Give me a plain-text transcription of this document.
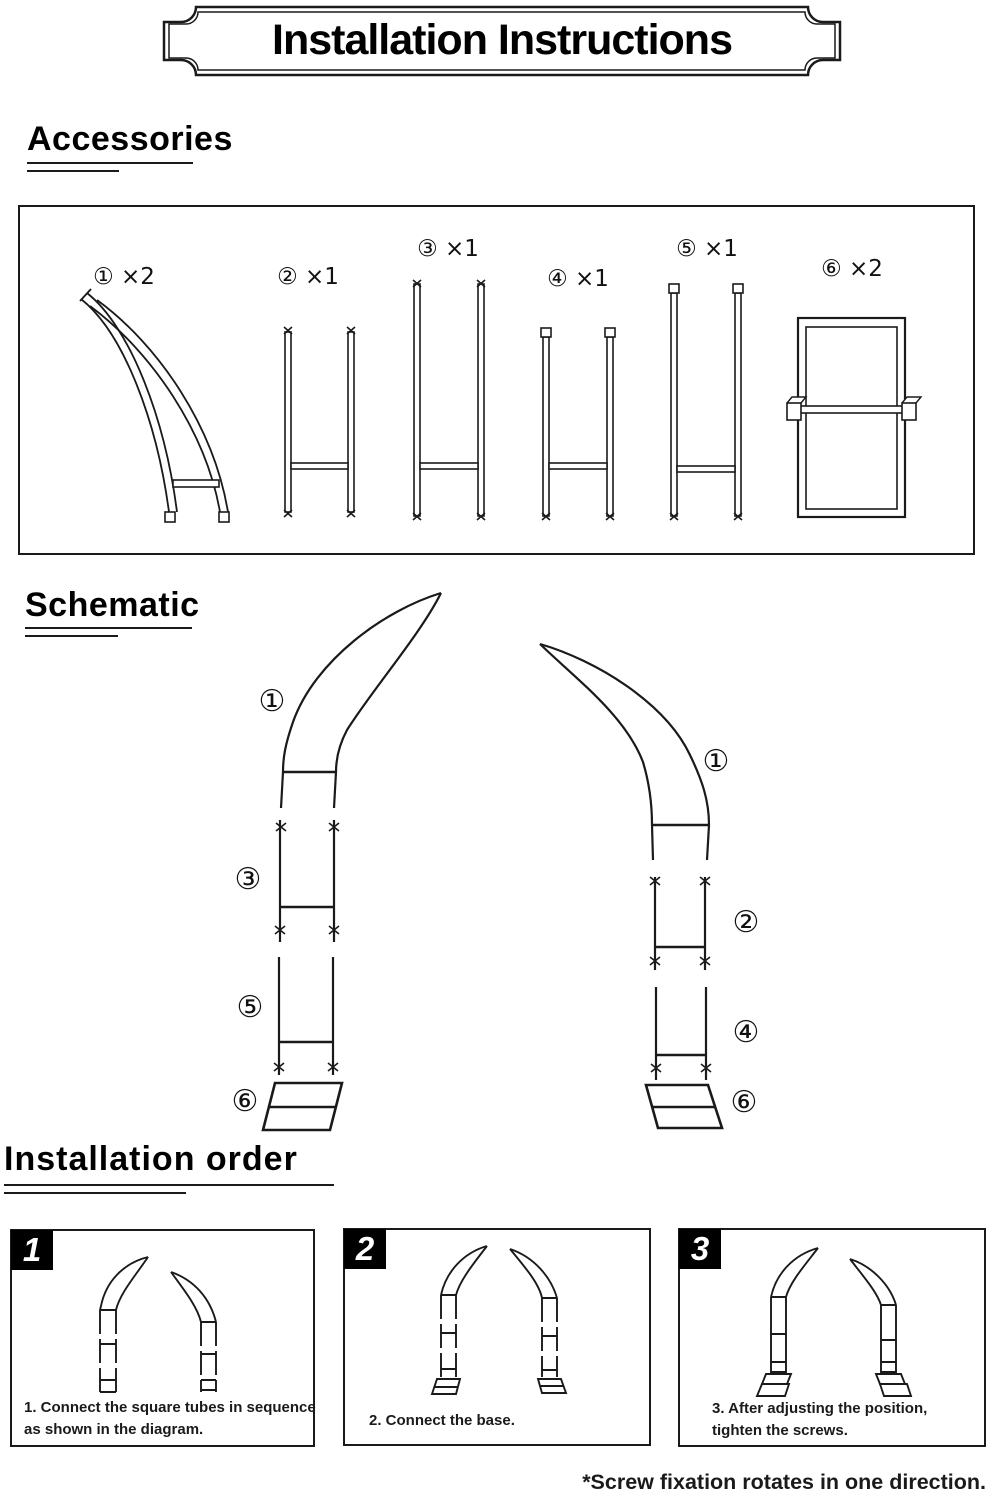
Installation Instructions
Accessories
① ×2	② ×1
③ ×1
④ ×1
⑤ ×1
⑥ ×2
Schematic
①
③
⑤
⑥
①
②
④
⑥
Installation order
1
1. Connect the square tubes in sequence as shown in the diagram.
2
2. Connect the base.
3
3. After adjusting the position, tighten the screws.
*Screw fixation rotates in one direction.
